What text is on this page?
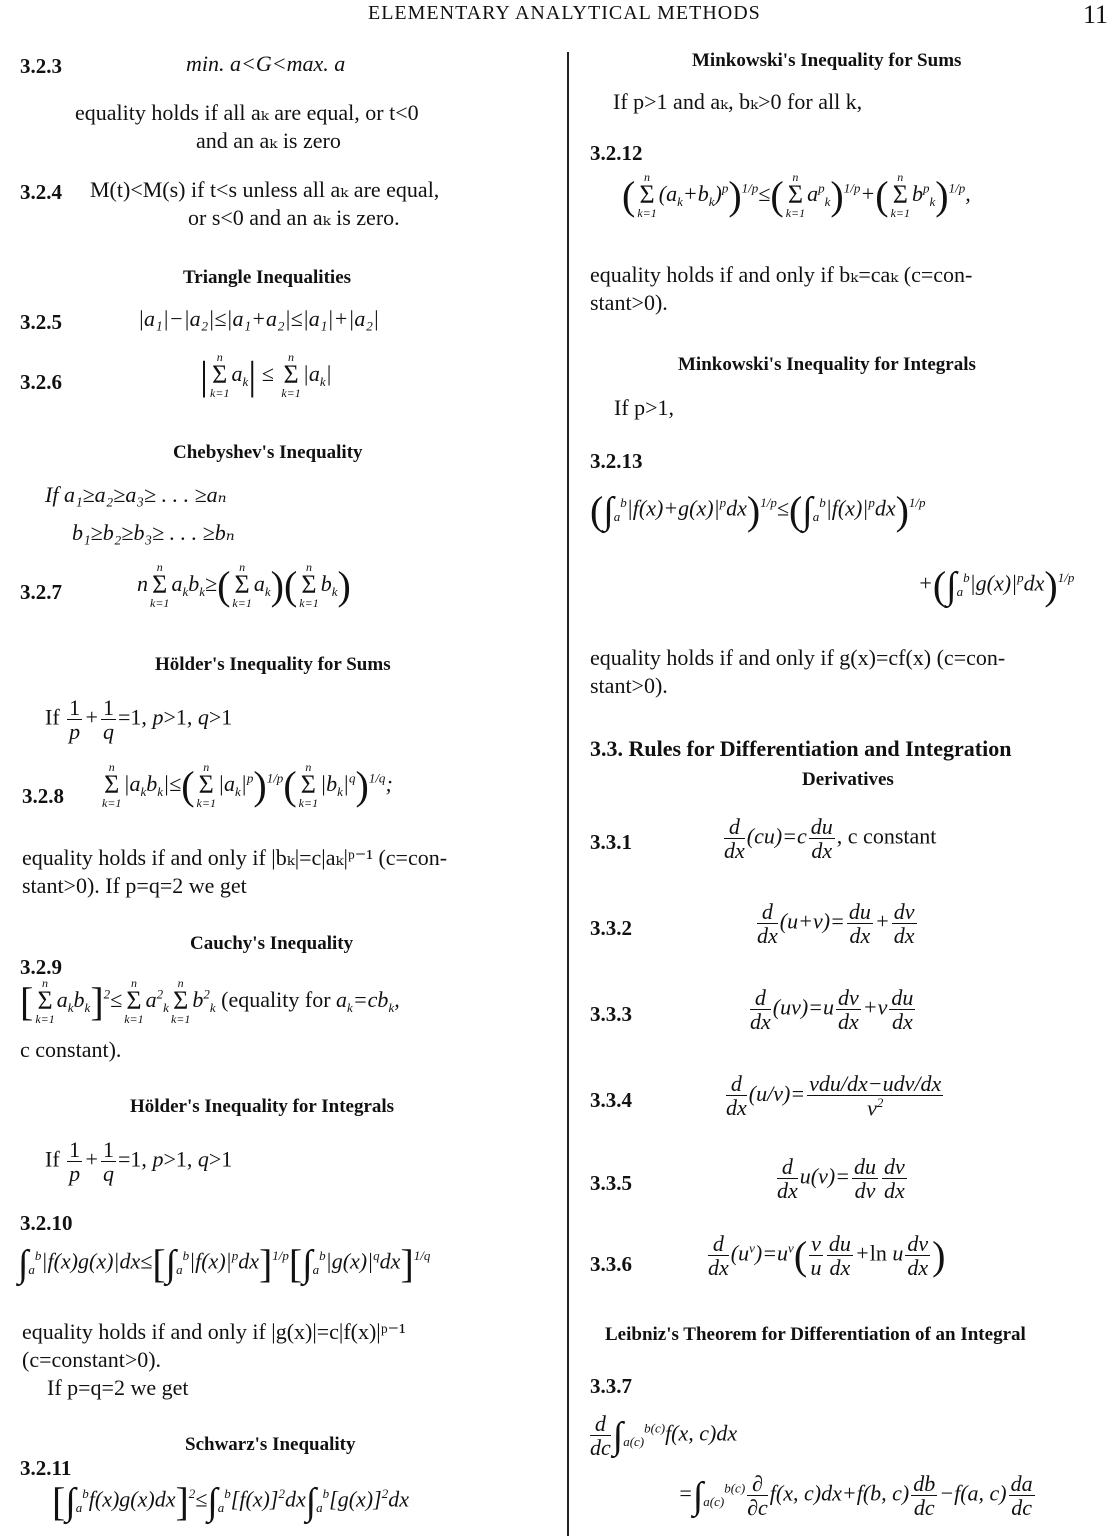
ELEMENTARY ANALYTICAL METHODS	11
3.2.3	min. a<G<max. a
equality holds if all aₖ are equal, or t<0
and an aₖ is zero
3.2.4 M(t)<M(s) if t<s unless all aₖ are equal,
or s<0 and an aₖ is zero.
Triangle Inequalities
3.2.5	|a₁|−|a₂|≤|a₁+a₂|≤|a₁|+|a₂|
3.2.6	| n
Σ
k=1
$a_k|$ ≤
n
Σ
k=1
$|a_k|$
Chebyshev's Inequality
If a₁≥a₂≥a₃≥ . . . ≥aₙ
b₁≥b₂≥b₃≥ . . . ≥bₙ
3.2.7	n
n
Σ
k=1
$a_kb_k\ge$( n
Σ
k=1
$a_k$)( n
Σ
k=1
$b_k$)
Hölder's Inequality for Sums
If $\frac{1}{p} + \frac{1}{q} =1$, p>1, q>1
3.2.8
n
Σ
k=1
$|a_kb_k|\le$( n
Σ
k=1
$|a_k|^p)^{1/p}$( n
Σ
k=1
$|b_k|^q)^{1/q}$;
equality holds if and only if |bₖ|=c|aₖ|ᵖ⁻¹ (c=con-
stant>0). If p=q=2 we get
Cauchy's Inequality
3.2.9
[ n
Σ
k=1
$a_kb_k]^2\le$
n
Σ
k=1
$a^2_k$
n
Σ
k=1
$b^2_k$ (equality for $a_k=cb_k$,
c constant).
Hölder's Inequality for Integrals
If $\frac{1}{p} + \frac{1}{q} =1$, p>1, q>1
3.2.10
$\int_a^b|f(x)g(x)|dx\le[\int_a^b|f(x)|^pdx]^{1/p}[\int_a^b|g(x)|^qdx]^{1/q}$
equality holds if and only if |g(x)|=c|f(x)|ᵖ⁻¹
(c=constant>0).
If p=q=2 we get
Schwarz's Inequality
3.2.11
$[\int_a^bf(x)g(x)dx]^2\le\int_a^b[f(x)]^2dx\int_a^b[g(x)]^2dx$
Minkowski's Inequality for Sums
If p>1 and aₖ, bₖ>0 for all k,
3.2.12
( n
Σ
k=1
$(a_k+b_k)^p)^{1/p}\le$( n
Σ
k=1
$a^p_k)^{1/p}+$( n
Σ
k=1
$b^p_k)^{1/p}$,
equality holds if and only if bₖ=caₖ (c=con-
stant>0).
Minkowski's Inequality for Integrals
If p>1,
3.2.13
$(\int_a^b|f(x)+g(x)|^pdx)^{1/p}\le(\int_a^b|f(x)|^pdx)^{1/p}$
$+(\int_a^b|g(x)|^pdx)^{1/p}$
equality holds if and only if g(x)=cf(x) (c=con-
stant>0).
3.3. Rules for Differentiation and Integration
Derivatives
3.3.1	$\frac{d}{dx} (cu)=c \frac{du}{dx}$ , c constant
3.3.2	$\frac{d}{dx} (u+v)= \frac{du}{dx} + \frac{dv}{dx}$
3.3.3	$\frac{d}{dx} (uv)=u \frac{dv}{dx} +v \frac{du}{dx}$
3.3.4	$\frac{d}{dx} (u/v)= \frac{\text{vdu/dx−udv/dx}}{v^2}$
3.3.5	$\frac{d}{dx} u(v)= \frac{du}{dv} \frac{dv}{dx}$
3.3.6	$\frac{d}{dx} (u^v)=u^v( \frac{v}{u} \frac{du}{dx} +\ln$ u $\frac{dv}{dx}$ )
Leibniz's Theorem for Differentiation of an Integral
3.3.7
$\frac{d}{dc} \int_{a(c)}^{b(c)}f(x$, c)dx
$=\int_{a(c)}^{b(c)} \frac{\partial}{\partial c} f(x$, c)dx+f(b, $c) \frac{db}{dc} -f(a$, $c) \frac{da}{dc}$
